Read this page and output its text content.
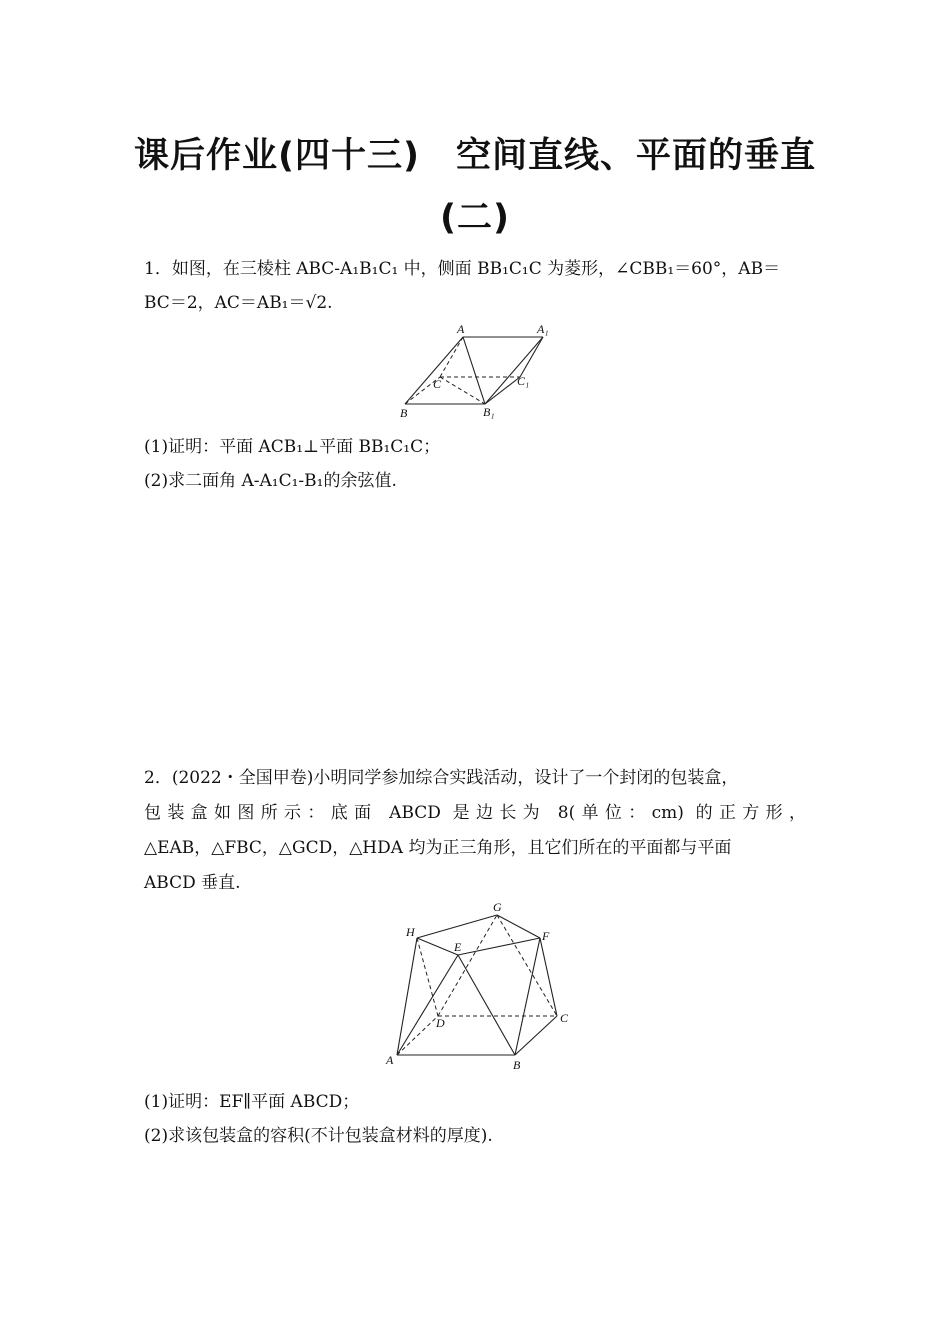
课后作业(四十三)　空间直线、平面的垂直
(二)
1．如图，在三棱柱 ABC-A₁B₁C₁ 中，侧面 BB₁C₁C 为菱形，∠CBB₁＝60°，AB＝
BC＝2，AC＝AB₁＝√2.
A	A₁
C	C₁
B	B₁
(1)证明：平面 ACB₁⊥平面 BB₁C₁C；
(2)求二面角 A-A₁C₁-B₁的余弦值.
2．(2022・全国甲卷)小明同学参加综合实践活动，设计了一个封闭的包装盒，
包装盒如图所示：底面 ABCD 是边长为 8(单位：cm) 的正方形，
△EAB，△FBC，△GCD，△HDA 均为正三角形，且它们所在的平面都与平面
ABCD 垂直.
G
H
E
F
D	C
A	B
(1)证明：EF∥平面 ABCD；
(2)求该包装盒的容积(不计包装盒材料的厚度).
